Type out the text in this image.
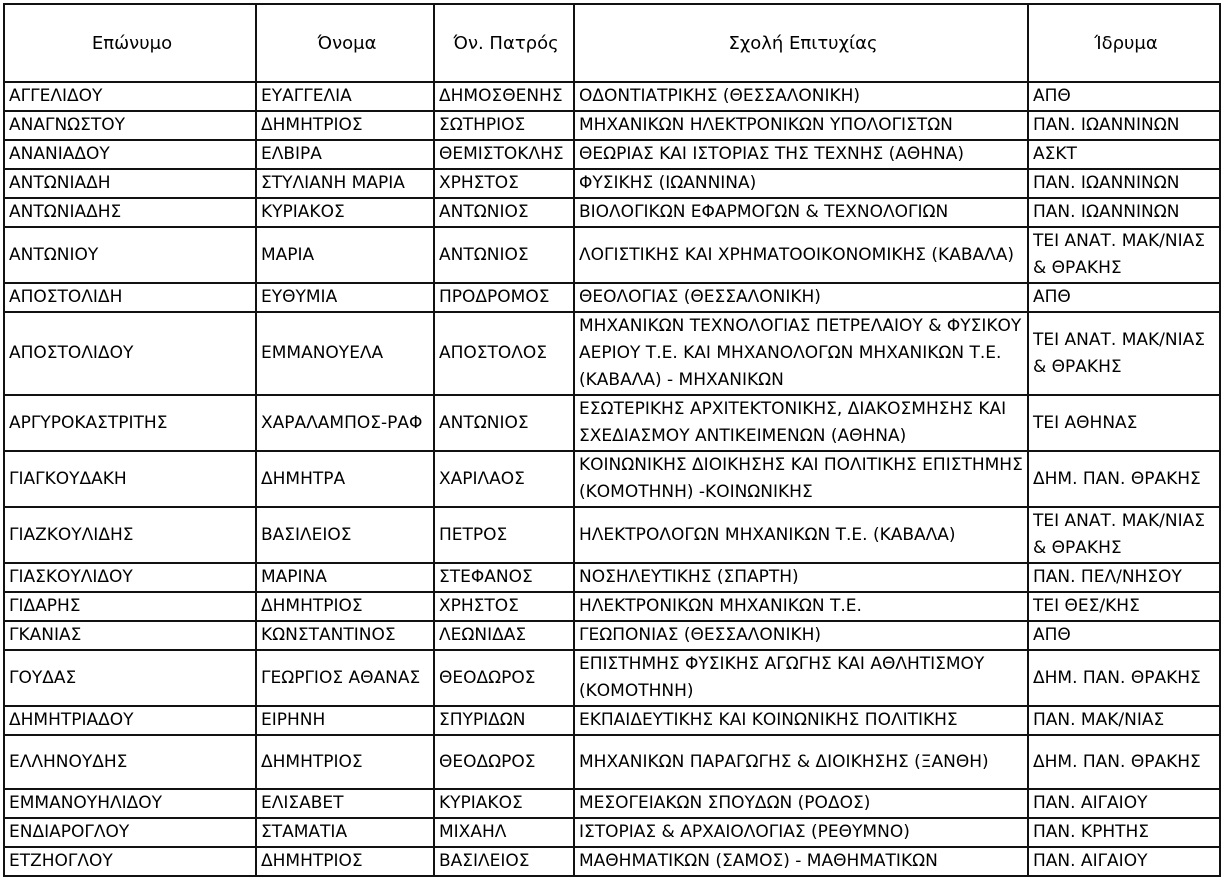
Επώνυμο	Όνομα	Όν. Πατρός	Σχολή Επιτυχίας	Ίδρυμα
ΑΓΓΕΛΙΔΟΥ	ΕΥΑΓΓΕΛΙΑ	ΔΗΜΟΣΘΕΝΗΣ	ΟΔΟΝΤΙΑΤΡΙΚΗΣ (ΘΕΣΣΑΛΟΝΙΚΗ)	ΑΠΘ
ΑΝΑΓΝΩΣΤΟΥ	ΔΗΜΗΤΡΙΟΣ	ΣΩΤΗΡΙΟΣ	ΜΗΧΑΝΙΚΩΝ ΗΛΕΚΤΡΟΝΙΚΩΝ ΥΠΟΛΟΓΙΣΤΩΝ	ΠΑΝ. ΙΩΑΝΝΙΝΩΝ
ΑΝΑΝΙΑΔΟΥ	ΕΛΒΙΡΑ	ΘΕΜΙΣΤΟΚΛΗΣ	ΘΕΩΡΙΑΣ ΚΑΙ ΙΣΤΟΡΙΑΣ ΤΗΣ ΤΕΧΝΗΣ (ΑΘΗΝΑ)	ΑΣΚΤ
ΑΝΤΩΝΙΑΔΗ	ΣΤΥΛΙΑΝΗ ΜΑΡΙΑ	ΧΡΗΣΤΟΣ	ΦΥΣΙΚΗΣ (ΙΩΑΝΝΙΝΑ)	ΠΑΝ. ΙΩΑΝΝΙΝΩΝ
ΑΝΤΩΝΙΑΔΗΣ	ΚΥΡΙΑΚΟΣ	ΑΝΤΩΝΙΟΣ	ΒΙΟΛΟΓΙΚΩΝ ΕΦΑΡΜΟΓΩΝ & ΤΕΧΝΟΛΟΓΙΩΝ	ΠΑΝ. ΙΩΑΝΝΙΝΩΝ
ΑΝΤΩΝΙΟΥ	ΜΑΡΙΑ	ΑΝΤΩΝΙΟΣ	ΛΟΓΙΣΤΙΚΗΣ ΚΑΙ ΧΡΗΜΑΤΟΟΙΚΟΝΟΜΙΚΗΣ (ΚΑΒΑΛΑ)	ΤΕΙ ΑΝΑΤ. ΜΑΚ/ΝΙΑΣ & ΘΡΑΚΗΣ

ΑΠΟΣΤΟΛΙΔΗ	ΕΥΘΥΜΙΑ	ΠΡΟΔΡΟΜΟΣ	ΘΕΟΛΟΓΙΑΣ (ΘΕΣΣΑΛΟΝΙΚΗ)	ΑΠΘ
ΑΠΟΣΤΟΛΙΔΟΥ	ΕΜΜΑΝΟΥΕΛΑ	ΑΠΟΣΤΟΛΟΣ	ΜΗΧΑΝΙΚΩΝ ΤΕΧΝΟΛΟΓΙΑΣ ΠΕΤΡΕΛΑΙΟΥ & ΦΥΣΙΚΟΥ ΑΕΡΙΟΥ Τ.Ε. ΚΑΙ ΜΗΧΑΝΟΛΟΓΩΝ ΜΗΧΑΝΙΚΩΝ Τ.Ε. (ΚΑΒΑΛΑ) - ΜΗΧΑΝΙΚΩΝ	ΤΕΙ ΑΝΑΤ. ΜΑΚ/ΝΙΑΣ & ΘΡΑΚΗΣ

ΑΡΓΥΡΟΚΑΣΤΡΙΤΗΣ	ΧΑΡΑΛΑΜΠΟΣ-ΡΑΦ	ΑΝΤΩΝΙΟΣ	ΕΣΩΤΕΡΙΚΗΣ ΑΡΧΙΤΕΚΤΟΝΙΚΗΣ, ΔΙΑΚΟΣΜΗΣΗΣ ΚΑΙ ΣΧΕΔΙΑΣΜΟΥ ΑΝΤΙΚΕΙΜΕΝΩΝ (ΑΘΗΝΑ)	ΤΕΙ ΑΘΗΝΑΣ
ΓΙΑΓΚΟΥΔΑΚΗ	ΔΗΜΗΤΡΑ	ΧΑΡΙΛΑΟΣ	ΚΟΙΝΩΝΙΚΗΣ ΔΙΟΙΚΗΣΗΣ ΚΑΙ ΠΟΛΙΤΙΚΗΣ ΕΠΙΣΤΗΜΗΣ (ΚΟΜΟΤΗΝΗ) -ΚΟΙΝΩΝΙΚΗΣ	ΔΗΜ. ΠΑΝ. ΘΡΑΚΗΣ
ΓΙΑΖΚΟΥΛΙΔΗΣ	ΒΑΣΙΛΕΙΟΣ	ΠΕΤΡΟΣ	ΗΛΕΚΤΡΟΛΟΓΩΝ ΜΗΧΑΝΙΚΩΝ Τ.Ε. (ΚΑΒΑΛΑ)	ΤΕΙ ΑΝΑΤ. ΜΑΚ/ΝΙΑΣ & ΘΡΑΚΗΣ

ΓΙΑΣΚΟΥΛΙΔΟΥ	ΜΑΡΙΝΑ	ΣΤΕΦΑΝΟΣ	ΝΟΣΗΛΕΥΤΙΚΗΣ (ΣΠΑΡΤΗ)	ΠΑΝ. ΠΕΛ/ΝΗΣΟΥ
ΓΙΔΑΡΗΣ	ΔΗΜΗΤΡΙΟΣ	ΧΡΗΣΤΟΣ	ΗΛΕΚΤΡΟΝΙΚΩΝ ΜΗΧΑΝΙΚΩΝ Τ.Ε.	ΤΕΙ ΘΕΣ/ΚΗΣ
ΓΚΑΝΙΑΣ	ΚΩΝΣΤΑΝΤΙΝΟΣ	ΛΕΩΝΙΔΑΣ	ΓΕΩΠΟΝΙΑΣ (ΘΕΣΣΑΛΟΝΙΚΗ)	ΑΠΘ
ΓΟΥΔΑΣ	ΓΕΩΡΓΙΟΣ ΑΘΑΝΑΣ	ΘΕΟΔΩΡΟΣ	ΕΠΙΣΤΗΜΗΣ ΦΥΣΙΚΗΣ ΑΓΩΓΗΣ ΚΑΙ ΑΘΛΗΤΙΣΜΟΥ (ΚΟΜΟΤΗΝΗ)	ΔΗΜ. ΠΑΝ. ΘΡΑΚΗΣ
ΔΗΜΗΤΡΙΑΔΟΥ	ΕΙΡΗΝΗ	ΣΠΥΡΙΔΩΝ	ΕΚΠΑΙΔΕΥΤΙΚΗΣ ΚΑΙ ΚΟΙΝΩΝΙΚΗΣ ΠΟΛΙΤΙΚΗΣ	ΠΑΝ. ΜΑΚ/ΝΙΑΣ
ΕΛΛΗΝΟΥΔΗΣ	ΔΗΜΗΤΡΙΟΣ	ΘΕΟΔΩΡΟΣ	ΜΗΧΑΝΙΚΩΝ ΠΑΡΑΓΩΓΗΣ & ΔΙΟΙΚΗΣΗΣ (ΞΑΝΘΗ)	ΔΗΜ. ΠΑΝ. ΘΡΑΚΗΣ
ΕΜΜΑΝΟΥΗΛΙΔΟΥ	ΕΛΙΣΑΒΕΤ	ΚΥΡΙΑΚΟΣ	ΜΕΣΟΓΕΙΑΚΩΝ ΣΠΟΥΔΩΝ (ΡΟΔΟΣ)	ΠΑΝ. ΑΙΓΑΙΟΥ
ΕΝΔΙΑΡΟΓΛΟΥ	ΣΤΑΜΑΤΙΑ	ΜΙΧΑΗΛ	ΙΣΤΟΡΙΑΣ & ΑΡΧΑΙΟΛΟΓΙΑΣ (ΡΕΘΥΜΝΟ)	ΠΑΝ. ΚΡΗΤΗΣ
ΕΤΖΗΟΓΛΟΥ	ΔΗΜΗΤΡΙΟΣ	ΒΑΣΙΛΕΙΟΣ	ΜΑΘΗΜΑΤΙΚΩΝ (ΣΑΜΟΣ) - ΜΑΘΗΜΑΤΙΚΩΝ	ΠΑΝ. ΑΙΓΑΙΟΥ
